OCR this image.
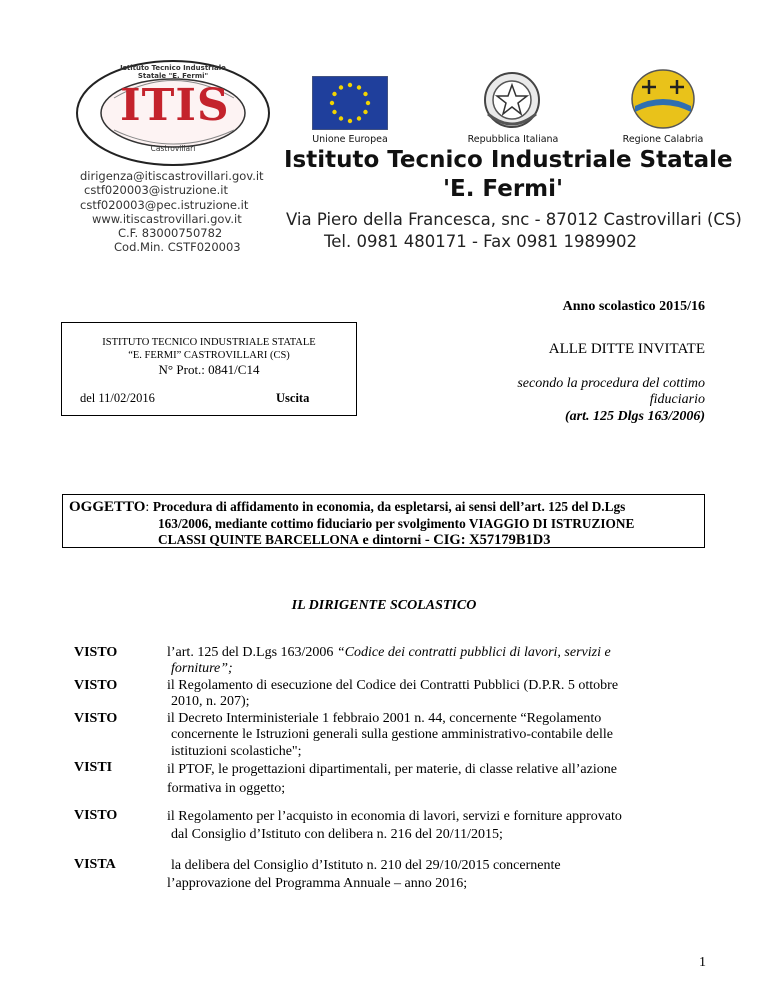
ITIS
Istituto Tecnico Industriale Statale "E. Fermi"
Castrovillari
dirigenza@itiscastrovillari.gov.it
cstf020003@istruzione.it
cstf020003@pec.istruzione.it
www.itiscastrovillari.gov.it
C.F. 83000750782
Cod.Min. CSTF020003
Unione Europea	Repubblica Italiana	Regione Calabria
Istituto Tecnico Industriale Statale
'E. Fermi'
Via Piero della Francesca, snc - 87012 Castrovillari (CS)
Tel. 0981 480171 - Fax 0981 1989902
Anno scolastico 2015/16
ISTITUTO TECNICO INDUSTRIALE STATALE
“E. FERMI” CASTROVILLARI (CS)
N° Prot.: 0841/C14
del 11/02/2016	Uscita
ALLE DITTE INVITATE
secondo la procedura del cottimo
fiduciario
(art. 125 Dlgs 163/2006)
OGGETTO: Procedura di affidamento in economia, da espletarsi, ai sensi dell’art. 125 del D.Lgs
163/2006, mediante cottimo fiduciario per svolgimento VIAGGIO DI ISTRUZIONE
CLASSI QUINTE BARCELLONA e dintorni - CIG: X57179B1D3
IL DIRIGENTE SCOLASTICO
VISTO	l’art. 125 del D.Lgs 163/2006 “Codice dei contratti pubblici di lavori, servizi e
forniture”;
VISTO	il Regolamento di esecuzione del Codice dei Contratti Pubblici (D.P.R. 5 ottobre
2010, n. 207);
VISTO	il Decreto Interministeriale 1 febbraio 2001 n. 44, concernente “Regolamento
concernente le Istruzioni generali sulla gestione amministrativo-contabile delle
istituzioni scolastiche";
VISTI	il PTOF, le progettazioni dipartimentali, per materie, di classe relative all’azione
formativa in oggetto;
VISTO	il Regolamento per l’acquisto in economia di lavori, servizi e forniture approvato
dal Consiglio d’Istituto con delibera n. 216 del 20/11/2015;
VISTA	la delibera del Consiglio d’Istituto n. 210 del 29/10/2015 concernente
l’approvazione del Programma Annuale – anno 2016;
1
